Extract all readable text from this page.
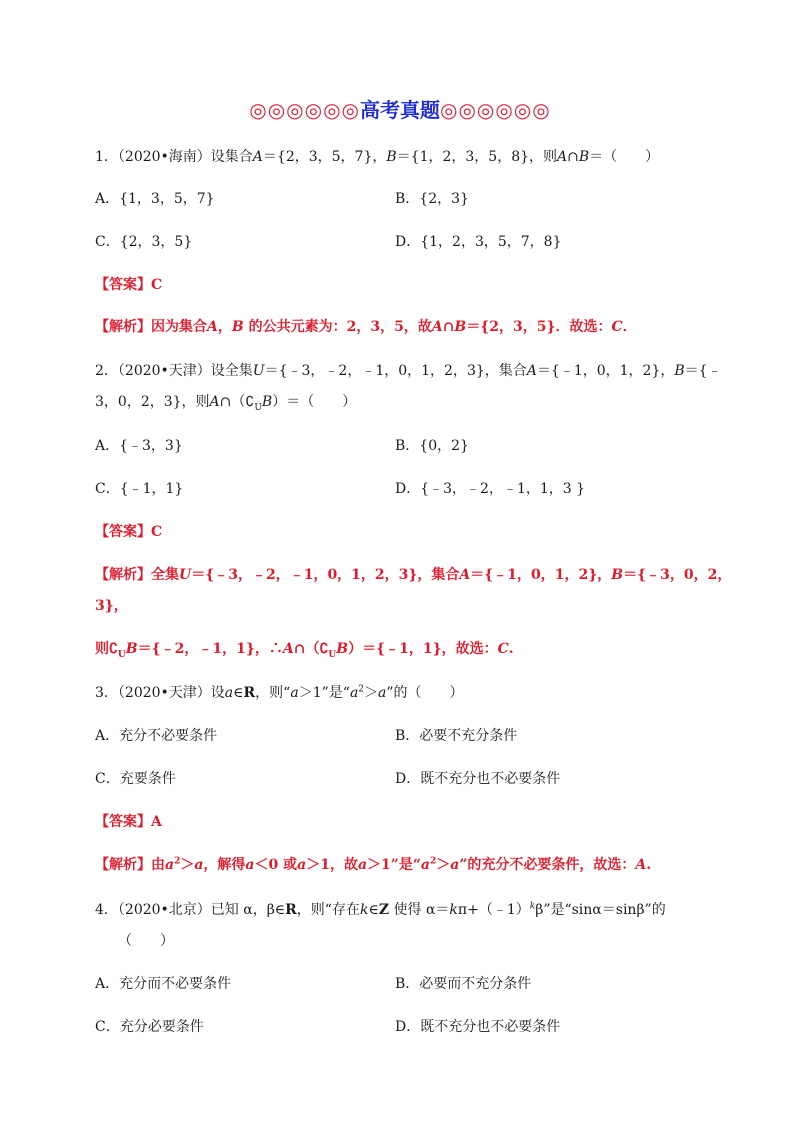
◎◎◎◎◎◎高考真题◎◎◎◎◎◎
1．（2020•海南）设集合A＝{2，3，5，7}，B＝{1，2，3，5，8}，则A∩B＝（　　）
A．{1，3，5，7}	B．{2，3}
C．{2，3，5}	D．{1，2，3，5，7，8}
【答案】C
【解析】因为集合A，B 的公共元素为：2，3，5，故A∩B＝{2，3，5}．故选：C．
2．（2020•天津）设全集U＝{﹣3，﹣2，﹣1，0，1，2，3}，集合A＝{﹣1，0，1，2}，B＝{﹣
3，0，2，3}，则$A\cap(∁_UB)=$（　　）
A．{﹣3，3}	B．{0，2}
C．{﹣1，1}	D．{﹣3，﹣2，﹣1，1，3 }
【答案】C
【解析】全集U＝{﹣3，﹣2，﹣1，0，1，2，3}，集合A＝{﹣1，0，1，2}，B＝{﹣3，0，2，
3}，
则$∁_UB=\{﹣2$，﹣1，1}，$\therefore A\cap(∁_UB)=\{﹣1$，1}，故选：C.
3．（2020•天津）设a∈R，则“a＞1”是“$a^2>a$”的（　　）
A．充分不必要条件	B．必要不充分条件
C．充要条件	D．既不充分也不必要条件
【答案】A
【解析】由$a^2>a$，解得a＜0 或a＞1，故a＞1”是“$a^2>a$”的充分不必要条件，故选：A.
4．（2020•北京）已知 α，β∈R，则“存在k∈Z 使得 α＝kπ+（﹣1）$^k$β”是“sinα＝sinβ”的
（　　）
A．充分而不必要条件	B．必要而不充分条件
C．充分必要条件	D．既不充分也不必要条件
